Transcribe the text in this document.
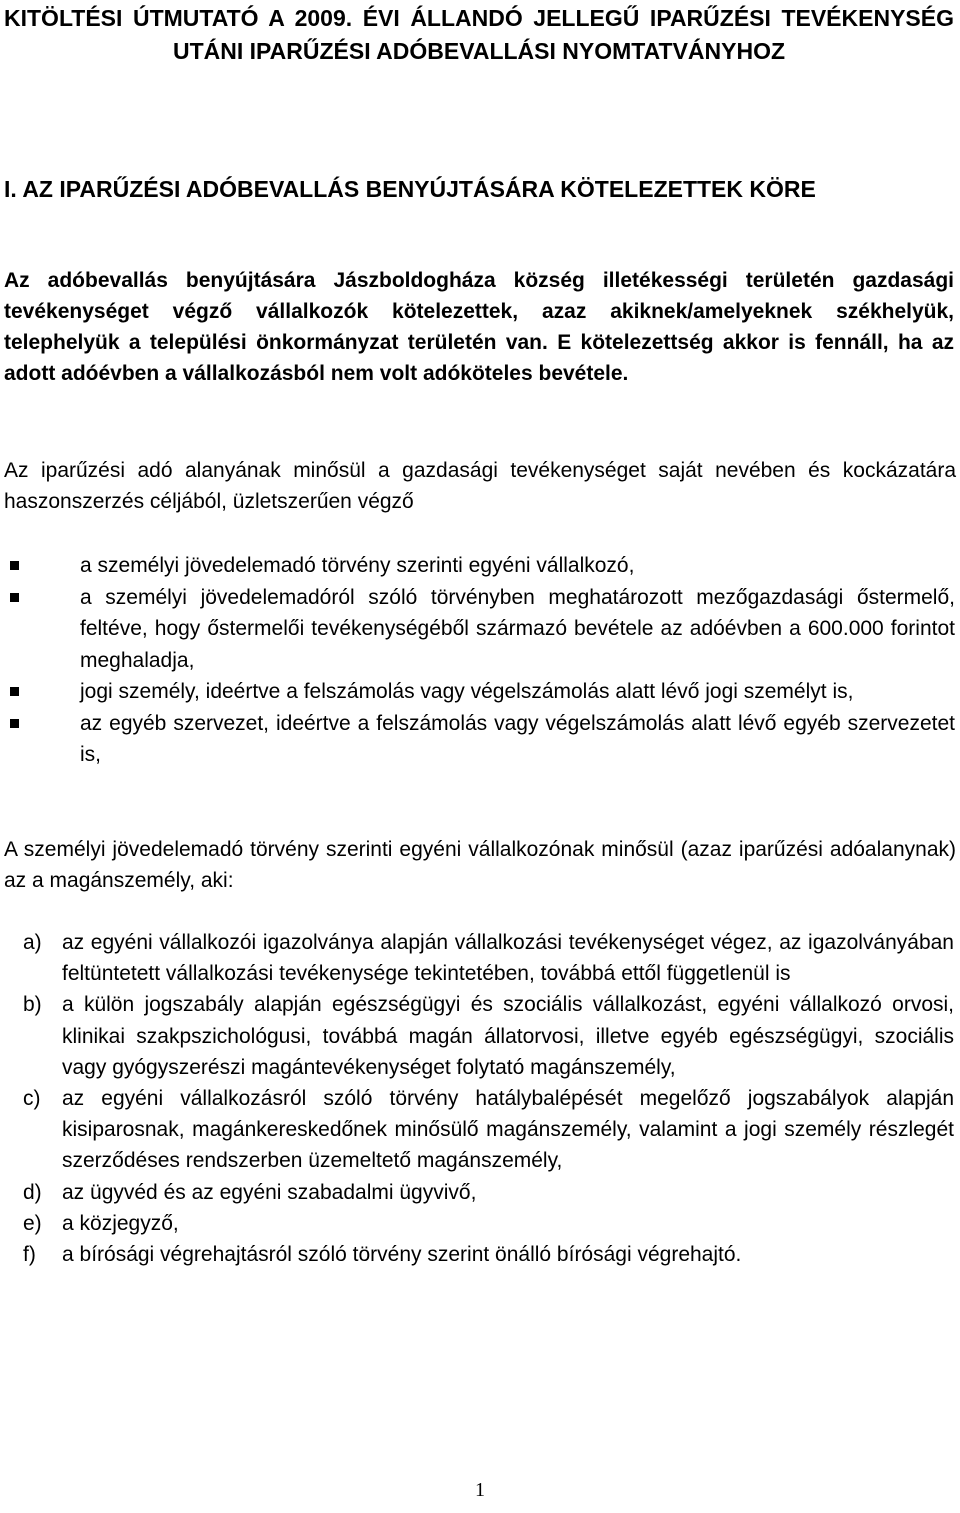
KITÖLTÉSI ÚTMUTATÓ A 2009. ÉVI ÁLLANDÓ JELLEGŰ IPARŰZÉSI TEVÉKENYSÉG UTÁNI IPARŰZÉSI ADÓBEVALLÁSI NYOMTATVÁNYHOZ
I. AZ IPARŰZÉSI ADÓBEVALLÁS BENYÚJTÁSÁRA KÖTELEZETTEK KÖRE

Az adóbevallás benyújtására Jászboldogháza község illetékességi területén gazdasági tevékenységet végző vállalkozók kötelezettek, azaz akiknek/amelyeknek székhelyük, telephelyük a települési önkormányzat területén van. E kötelezettség akkor is fennáll, ha az adott adóévben a vállalkozásból nem volt adóköteles bevétele.

Az iparűzési adó alanyának minősül a gazdasági tevékenységet saját nevében és kockázatára haszonszerzés céljából, üzletszerűen végző

a személyi jövedelemadó törvény szerinti egyéni vállalkozó,
a személyi jövedelemadóról szóló törvényben meghatározott mezőgazdasági őstermelő, feltéve, hogy őstermelői tevékenységéből származó bevétele az adóévben a 600.000 forintot meghaladja,
jogi személy, ideértve a felszámolás vagy végelszámolás alatt lévő jogi személyt is,
az egyéb szervezet, ideértve a felszámolás vagy végelszámolás alatt lévő egyéb szervezetet is,

A személyi jövedelemadó törvény szerinti egyéni vállalkozónak minősül (azaz iparűzési adóalanynak) az a magánszemély, aki:

a) az egyéni vállalkozói igazolványa alapján vállalkozási tevékenységet végez, az igazolványában feltüntetett vállalkozási tevékenysége tekintetében, továbbá ettől függetlenül is
b) a külön jogszabály alapján egészségügyi és szociális vállalkozást, egyéni vállalkozó orvosi, klinikai szakpszichológusi, továbbá magán állatorvosi, illetve egyéb egészségügyi, szociális vagy gyógyszerészi magántevékenységet folytató magánszemély,
c) az egyéni vállalkozásról szóló törvény hatálybalépését megelőző jogszabályok alapján kisiparosnak, magánkereskedőnek minősülő magánszemély, valamint a jogi személy részlegét szerződéses rendszerben üzemeltető magánszemély,
d) az ügyvéd és az egyéni szabadalmi ügyvivő,
e) a közjegyző,
f) a bírósági végrehajtásról szóló törvény szerint önálló bírósági végrehajtó.
1
